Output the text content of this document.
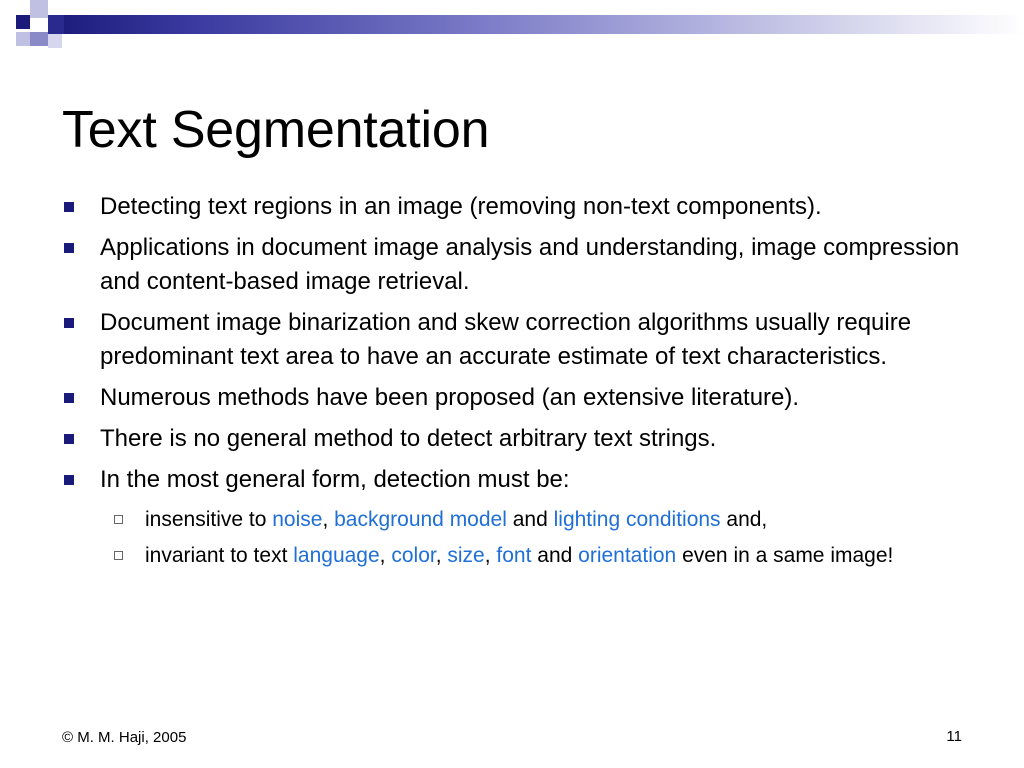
Text Segmentation
Detecting text regions in an image (removing non-text components).
Applications in document image analysis and understanding, image compression and content-based image retrieval.
Document image binarization and skew correction algorithms usually require predominant text area to have an accurate estimate of text characteristics.
Numerous methods have been proposed (an extensive literature).
There is no general method to detect arbitrary text strings.
In the most general form, detection must be:
insensitive to noise, background model and lighting conditions and,
invariant to text language, color, size, font and orientation even in a same image!
© M. M. Haji, 2005	11
